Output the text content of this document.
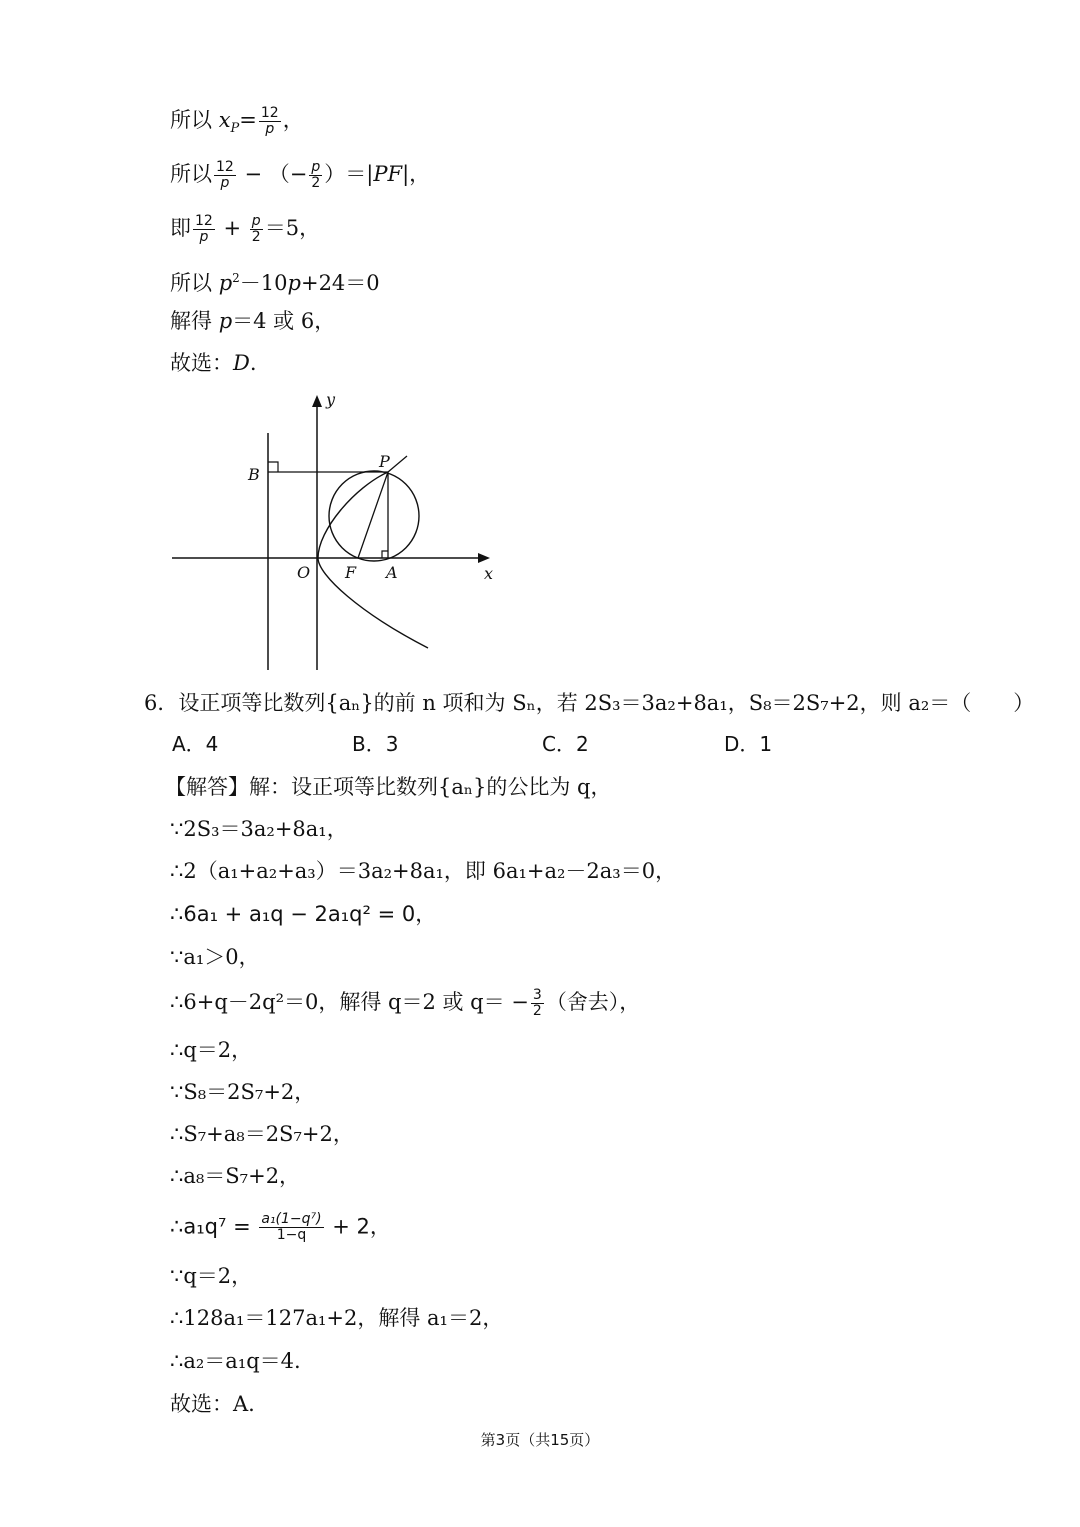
所以 $x_P= \frac{12}{p}$ ，
所以 $\frac{12}{p}$ − （− $\frac{p}{2} )=|PF|$，
即 $\frac{12}{p} + \frac{p}{2} =5$，
所以 $p^2-10p+24=0$
解得 p＝4 或 6，
故选：D.
y
x
B
P
O F A
6．设正项等比数列{aₙ}的前 n 项和为 Sₙ，若 2S₃＝3a₂+8a₁，S₈＝2S₇+2，则 a₂＝（　　）
A．4	B．3	C．2	D．1
【解答】解：设正项等比数列{aₙ}的公比为 q，
∵2S₃＝3a₂+8a₁，
∴2（a₁+a₂+a₃）＝3a₂+8a₁，即 6a₁+a₂－2a₃＝0，
∴6a₁ + a₁q − 2a₁q² = 0，
∵a₁＞0，
∴6+q－2q²＝0，解得 q＝2 或 $q= - \frac{3}{2}$ （舍去），
∴q＝2，
∵S₈＝2S₇+2，
∴S₇+a₈＝2S₇+2，
∴a₈＝S₇+2，
∴a₁q⁷ = $\frac{\text{a₁(1−q⁷)}}{1-q} + 2$，
∵q＝2，
∴128a₁＝127a₁+2，解得 a₁＝2，
∴a₂＝a₁q＝4.
故选：A.
第3页（共15页）
